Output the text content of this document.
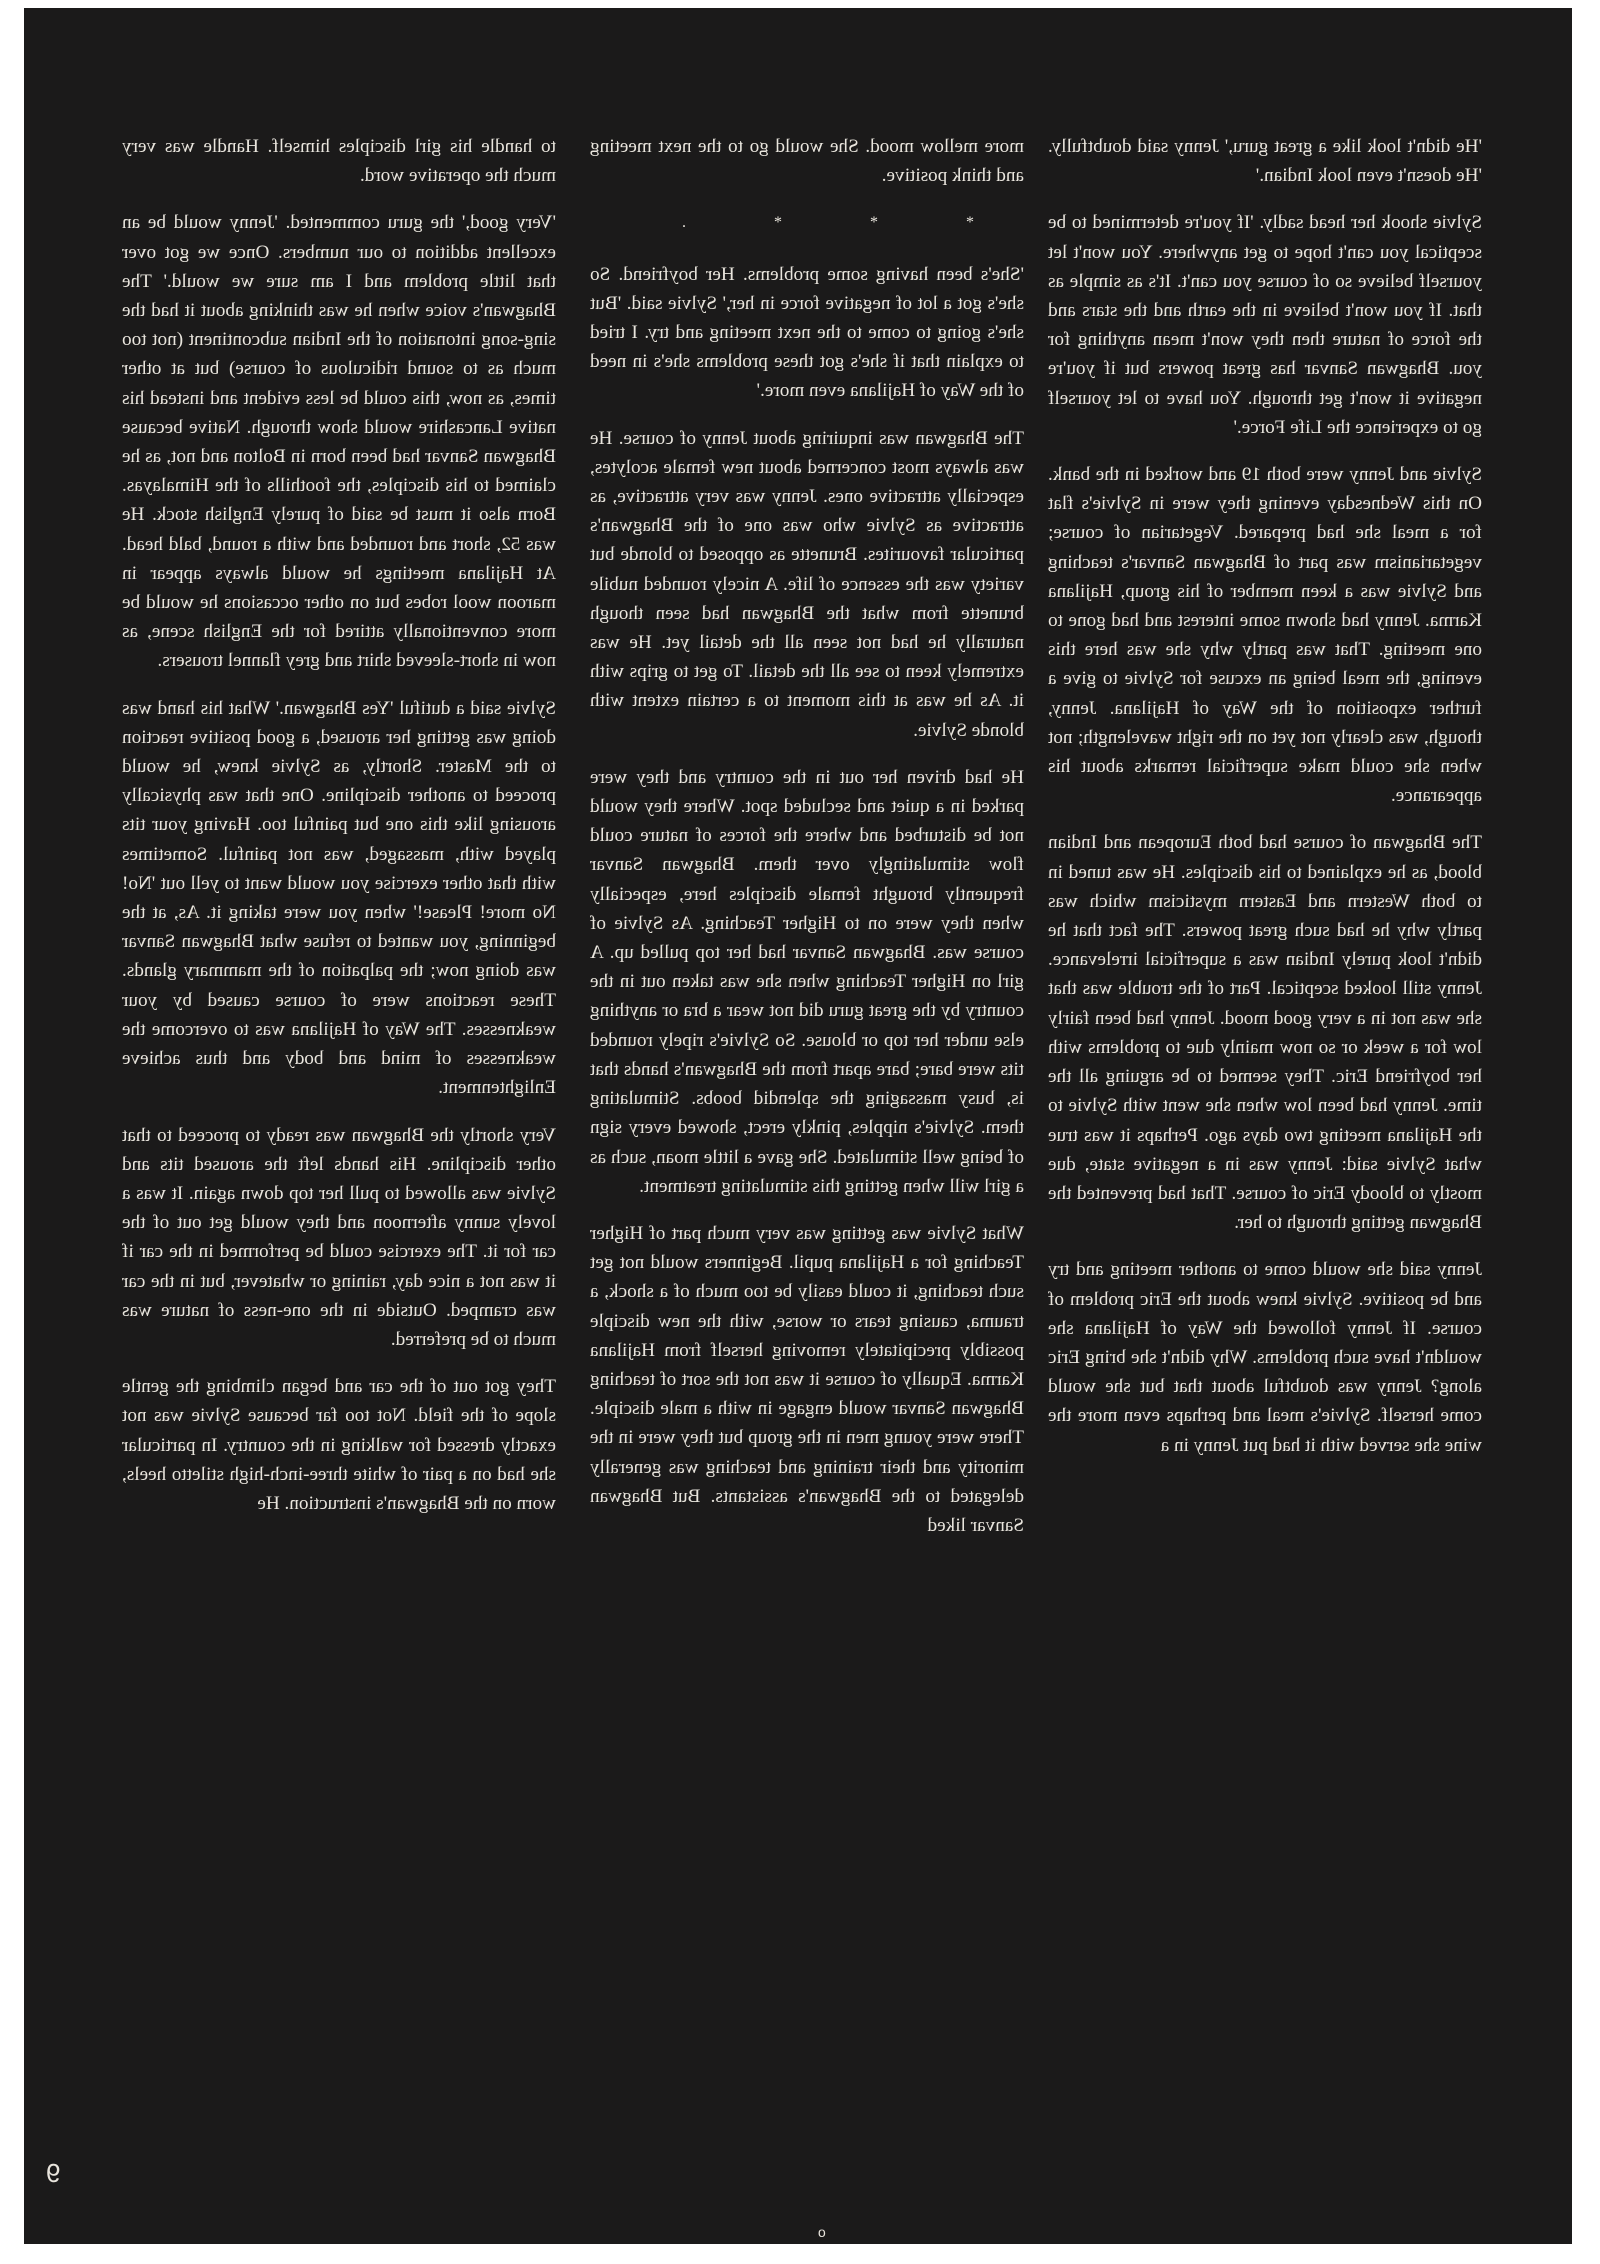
'He didn't look like a great guru,' Jenny said doubtfully. 'He doesn't even look Indian.'

Sylvie shook her head sadly. 'If you're determined to be sceptical you can't hope to get anywhere. You won't let yourself believe so of course you can't. It's as simple as that. If you won't believe in the earth and the stars and the force of nature then they won't mean anything for you. Bhagwan Sanvar has great powers but if you're negative it won't get through. You have to let yourself go to experience the Life Force.'

Sylvie and Jenny were both 19 and worked in the bank. On this Wednesday evening they were in Sylvie's flat for a meal she had prepared. Vegetarian of course; vegetarianism was part of Bhagwan Sanvar's teaching and Sylvie was a keen member of his group, Hajilana Karma. Jenny had shown some interest and had gone to one meeting. That was partly why she was here this evening, the meal being an excuse for Sylvie to give a further exposition of the Way of Hajilana. Jenny, though, was clearly not yet on the right wavelength; not when she could make superficial remarks about his appearance.

The Bhagwan of course had both European and Indian blood, as he explained to his disciples. He was tuned in to both Western and Eastern mysticism which was partly why he had such great powers. The fact that he didn't look purely Indian was a superficial irrelevance. Jenny still looked sceptical. Part of the trouble was that she was not in a very good mood. Jenny had been fairly low for a week or so now mainly due to problems with her boyfriend Eric. They seemed to be arguing all the time. Jenny had been low when she went with Sylvie to the Hajilana meeting two days ago. Perhaps it was true what Sylvie said: Jenny was in a negative state, due mostly to bloody Eric of course. That had prevented the Bhagwan getting through to her.

Jenny said she would come to another meeting and try and be positive. Sylvie knew about the Eric problem of course. If Jenny followed the Way of Hajilana she wouldn't have such problems. Why didn't she bring Eric along? Jenny was doubtful about that but she would come herself. Sylvie's meal and perhaps even more the wine she served with it had put Jenny in a

more mellow mood. She would go to the next meeting and think positive.

* * * .

'She's been having some problems. Her boyfriend. So she's got a lot of negative force in her,' Sylvie said. 'But she's going to come to the next meeting and try. I tried to explain that if she's got these problems she's in need of the Way of Hajilana even more.'

The Bhagwan was inquiring about Jenny of course. He was always most concerned about new female acolytes, especially attractive ones. Jenny was very attractive, as attractive as Sylvie who was one of the Bhagwan's particular favourites. Brunette as opposed to blonde but variety was the essence of life. A nicely rounded nubile brunette from what the Bhagwan had seen though naturally he had not seen all the detail yet. He was extremely keen to see all the detail. To get to grips with it. As he was at this moment to a certain extent with blonde Sylvie.

He had driven her out in the country and they were parked in a quiet and secluded spot. Where they would not be disturbed and where the forces of nature could flow stimulatingly over them. Bhagwan Sanvar frequently brought female disciples here, especially when they were on to Higher Teaching. As Sylvie of course was. Bhagwan Sanvar had her top pulled up. A girl on Higher Teaching when she was taken out in the country by the great guru did not wear a bra or anything else under her top or blouse. So Sylvie's ripely rounded tits were bare; bare apart from the Bhagwan's hands that is, busy massaging the splendid boobs. Stimulating them. Sylvie's nipples, pinkly erect, showed every sign of being well stimulated. She gave a little moan, such as a girl will when getting this stimulating treatment.

What Sylvie was getting was very much part of Higher Teaching for a Hajilana pupil. Beginners would not get such teaching, it could easily be too much of a shock, a trauma, causing tears or worse, with the new disciple possibly precipitately removing herself from Hajilana Karma. Equally of course it was not the sort of teaching Bhagwan Sanvar would engage in with a male disciple. There were young men in the group but they were in the minority and their training and teaching was generally delegated to the Bhagwan's assistants. But Bhagwan Sanvar liked

to handle his girl disciples himself. Handle was very much the operative word.

'Very good,' the guru commented. 'Jenny would be an excellent addition to our numbers. Once we got over that little problem and I am sure we would.' The Bhagwan's voice when he was thinking about it had the sing-song intonation of the Indian subcontinent (not too much as to sound ridiculous of course) but at other times, as now, this could be less evident and instead his native Lancashire would show through. Native because Bhagwan Sanvar had been born in Bolton and not, as he claimed to his disciples, the foothills of the Himalayas. Born also it must be said of purely English stock. He was 52, short and rounded and with a round, bald head. At Hajilana meetings he would always appear in maroon wool robes but on other occasions he would be more conventionally attired for the English scene, as now in short-sleeved shirt and grey flannel trousers.

Sylvie said a dutiful 'Yes Bhagwan.' What his hand was doing was getting her aroused, a good positive reaction to the Master. Shortly, as Sylvie knew, he would proceed to another discipline. One that was physically arousing like this one but painful too. Having your tits played with, massaged, was not painful. Sometimes with that other exercise you would want to yell out 'No! No more! Please!' when you were taking it. As, at the beginning, you wanted to refuse what Bhagwan Sanvar was doing now; the palpation of the mammary glands. These reactions were of course caused by your weaknesses. The Way of Hajilana was to overcome the weaknesses of mind and body and thus achieve Enlightenment.

Very shortly the Bhagwan was ready to proceed to that other discipline. His hands left the aroused tits and Sylvie was allowed to pull her top down again. It was a lovely sunny afternoon and they would get out of the car for it. The exercise could be performed in the car if it was not a nice day, raining or whatever, but in the car was cramped. Outside in the one-ness of nature was much to be preferred.

They got out of the car and began climbing the gentle slope of the field. Not too far because Sylvie was not exactly dressed for walking in the country. In particular she had on a pair of white three-inch-high stiletto heels, worn on the Bhagwan's instruction. He

9
o
